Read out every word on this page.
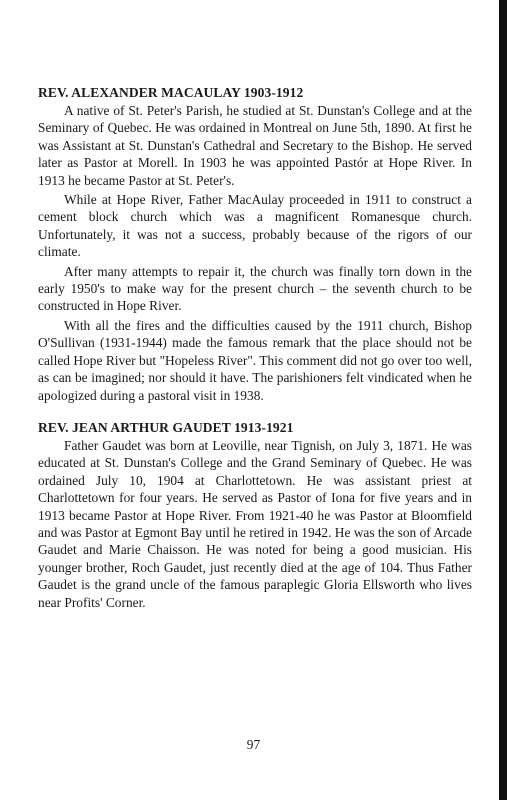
REV. ALEXANDER MACAULAY 1903-1912

A native of St. Peter's Parish, he studied at St. Dunstan's College and at the Seminary of Quebec. He was ordained in Montreal on June 5th, 1890. At first he was Assistant at St. Dunstan's Cathedral and Secretary to the Bishop. He served later as Pastor at Morell. In 1903 he was appointed Pastór at Hope River. In 1913 he became Pastor at St. Peter's.

While at Hope River, Father MacAulay proceeded in 1911 to construct a cement block church which was a magnificent Romanesque church. Unfortunately, it was not a success, probably because of the rigors of our climate.

After many attempts to repair it, the church was finally torn down in the early 1950's to make way for the present church – the seventh church to be constructed in Hope River.

With all the fires and the difficulties caused by the 1911 church, Bishop O'Sullivan (1931-1944) made the famous remark that the place should not be called Hope River but "Hopeless River". This comment did not go over too well, as can be imagined; nor should it have. The parishioners felt vindicated when he apologized during a pastoral visit in 1938.

REV. JEAN ARTHUR GAUDET 1913-1921

Father Gaudet was born at Leoville, near Tignish, on July 3, 1871. He was educated at St. Dunstan's College and the Grand Seminary of Quebec. He was ordained July 10, 1904 at Charlottetown. He was assistant priest at Charlottetown for four years. He served as Pastor of Iona for five years and in 1913 became Pastor at Hope River. From 1921-40 he was Pastor at Bloomfield and was Pastor at Egmont Bay until he retired in 1942. He was the son of Arcade Gaudet and Marie Chaisson. He was noted for being a good musician. His younger brother, Roch Gaudet, just recently died at the age of 104. Thus Father Gaudet is the grand uncle of the famous paraplegic Gloria Ellsworth who lives near Profits' Corner.

97
